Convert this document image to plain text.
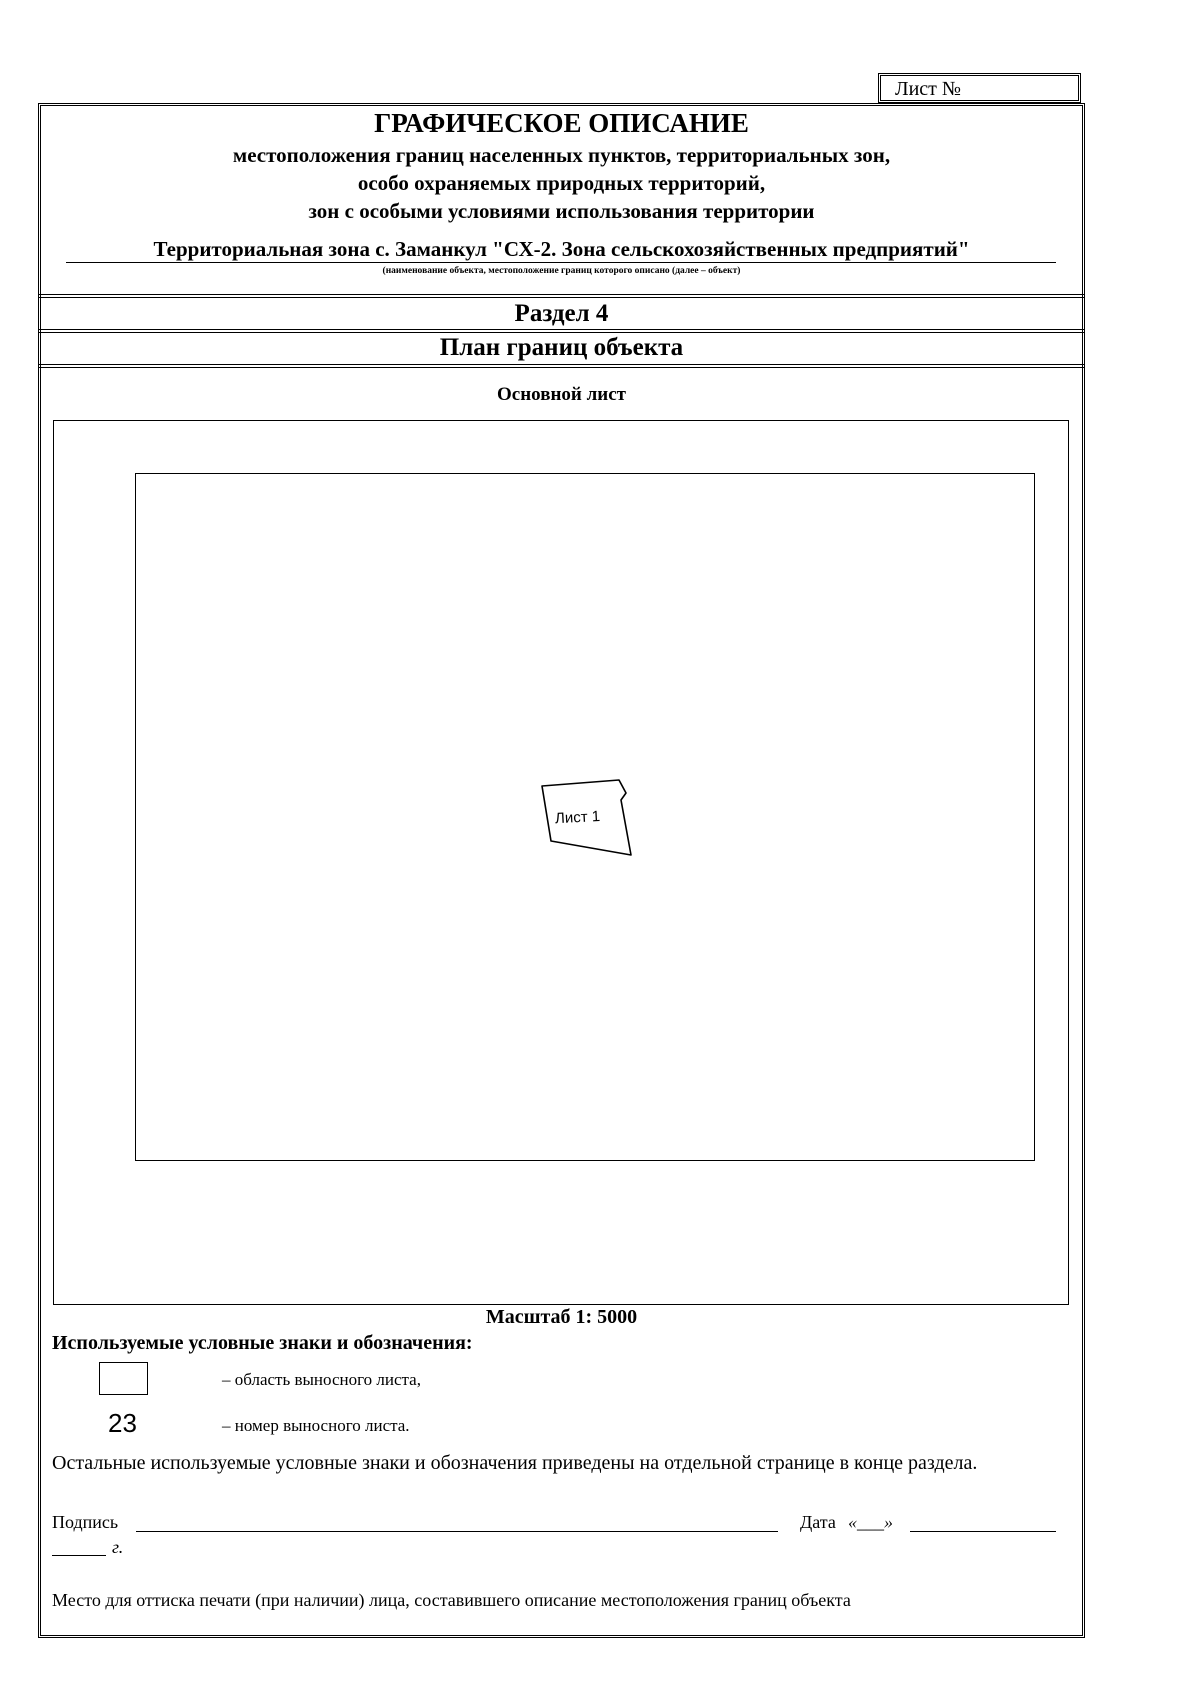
Лист №
ГРАФИЧЕСКОЕ ОПИСАНИЕ
местоположения границ населенных пунктов, территориальных зон,
особо охраняемых природных территорий,
зон с особыми условиями использования территории
Территориальная зона с. Заманкул "СХ-2. Зона сельскохозяйственных предприятий"
(наименование объекта, местоположение границ которого описано (далее – объект)
Раздел 4
План границ объекта
Основной лист
Лист 1
Масштаб 1: 5000
Используемые условные знаки и обозначения:
– область выносного листа,
23	– номер выносного листа.
Остальные используемые условные знаки и обозначения приведены на отдельной странице в конце раздела.
Подпись	Дата «___»
г.
Место для оттиска печати (при наличии) лица, составившего описание местоположения границ объекта
